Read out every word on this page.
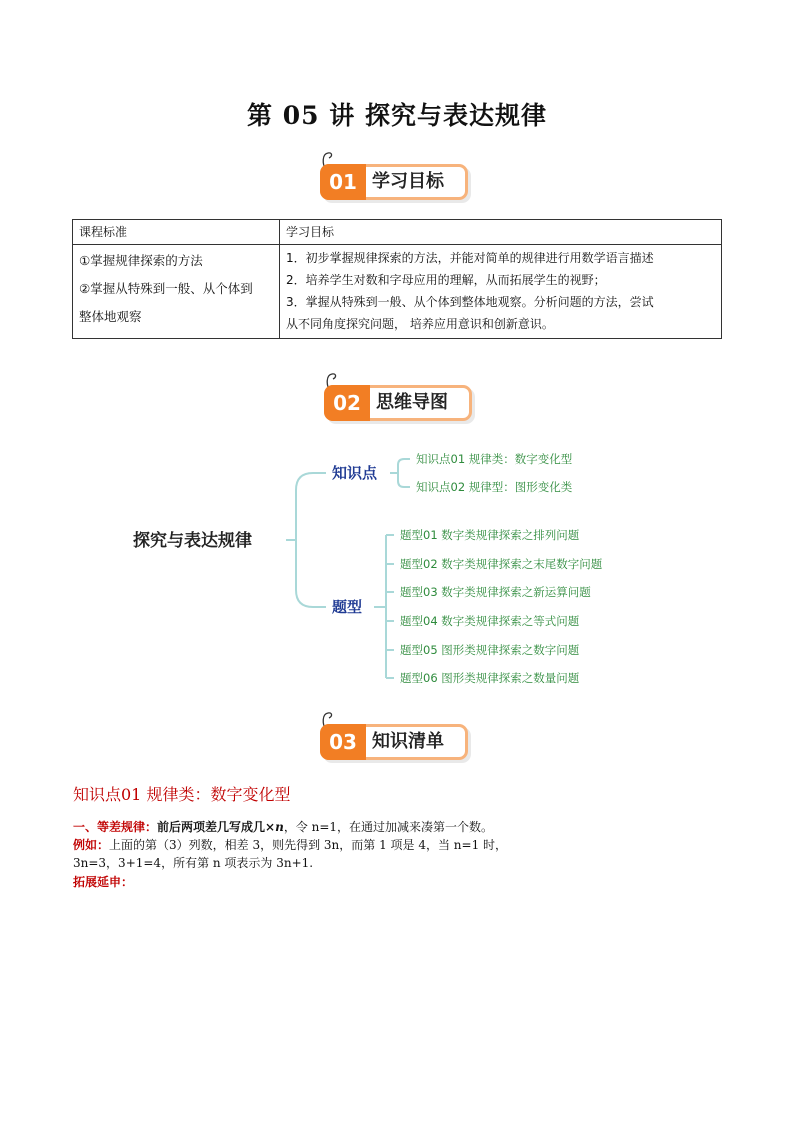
第 05 讲 探究与表达规律
01 学习目标
课程标准	学习目标

①掌握规律探索的方法
②掌握从特殊到一般、从个体到
整体地观察	1．初步掌握规律探索的方法，并能对简单的规律进行用数学语言描述
2．培养学生对数和字母应用的理解，从而拓展学生的视野；
3．掌握从特殊到一般、从个体到整体地观察。分析问题的方法，尝试
从不同角度探究问题， 培养应用意识和创新意识。
02 思维导图
探究与表达规律
知识点
题型
知识点01 规律类：数字变化型
知识点02 规律型：图形变化类
题型01 数字类规律探索之排列问题
题型02 数字类规律探索之末尾数字问题
题型03 数字类规律探索之新运算问题
题型04 数字类规律探索之等式问题
题型05 图形类规律探索之数字问题
题型06 图形类规律探索之数量问题
03 知识清单
知识点01 规律类：数字变化型
一、等差规律：前后两项差几写成几×n，令 n=1，在通过加减来凑第一个数。
例如：上面的第（3）列数，相差 3，则先得到 3n，而第 1 项是 4，当 n=1 时，
3n=3，3+1=4，所有第 n 项表示为 3n+1.
拓展延申：
